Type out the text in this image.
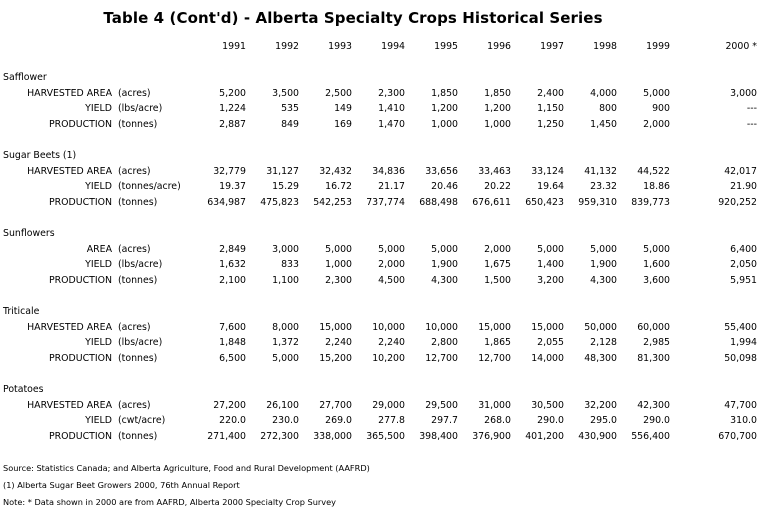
Table 4 (Cont'd) - Alberta Specialty Crops Historical Series
		1991	1992	1993	1994	1995	1996	1997	1998	1999	2000 *

Safflower											
HARVESTED AREA	(acres)	5,200	3,500	2,500	2,300	1,850	1,850	2,400	4,000	5,000	3,000
YIELD	(lbs/acre)	1,224	535	149	1,410	1,200	1,200	1,150	800	900	---
PRODUCTION	(tonnes)	2,887	849	169	1,470	1,000	1,000	1,250	1,450	2,000	---

Sugar Beets (1)											
HARVESTED AREA	(acres)	32,779	31,127	32,432	34,836	33,656	33,463	33,124	41,132	44,522	42,017
YIELD	(tonnes/acre)	19.37	15.29	16.72	21.17	20.46	20.22	19.64	23.32	18.86	21.90
PRODUCTION	(tonnes)	634,987	475,823	542,253	737,774	688,498	676,611	650,423	959,310	839,773	920,252

Sunflowers											
AREA	(acres)	2,849	3,000	5,000	5,000	5,000	2,000	5,000	5,000	5,000	6,400
YIELD	(lbs/acre)	1,632	833	1,000	2,000	1,900	1,675	1,400	1,900	1,600	2,050
PRODUCTION	(tonnes)	2,100	1,100	2,300	4,500	4,300	1,500	3,200	4,300	3,600	5,951

Triticale											
HARVESTED AREA	(acres)	7,600	8,000	15,000	10,000	10,000	15,000	15,000	50,000	60,000	55,400
YIELD	(lbs/acre)	1,848	1,372	2,240	2,240	2,800	1,865	2,055	2,128	2,985	1,994
PRODUCTION	(tonnes)	6,500	5,000	15,200	10,200	12,700	12,700	14,000	48,300	81,300	50,098

Potatoes											
HARVESTED AREA	(acres)	27,200	26,100	27,700	29,000	29,500	31,000	30,500	32,200	42,300	47,700
YIELD	(cwt/acre)	220.0	230.0	269.0	277.8	297.7	268.0	290.0	295.0	290.0	310.0
PRODUCTION	(tonnes)	271,400	272,300	338,000	365,500	398,400	376,900	401,200	430,900	556,400	670,700
Source: Statistics Canada; and Alberta Agriculture, Food and Rural Development (AAFRD)
(1) Alberta Sugar Beet Growers 2000, 76th Annual Report
Note: * Data shown in 2000 are from AAFRD, Alberta 2000 Specialty Crop Survey
